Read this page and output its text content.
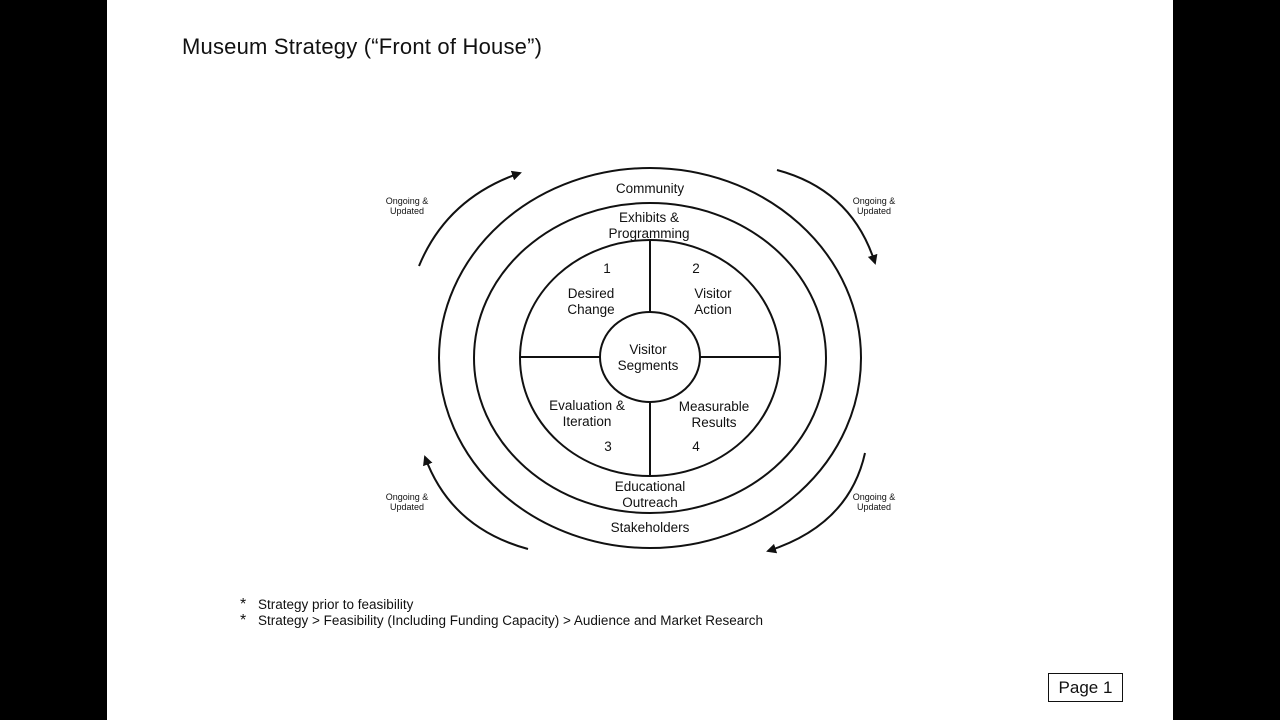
Museum Strategy (“Front of House”)
Community
Stakeholders
Exhibits &
Programming
Educational
Outreach
Visitor
Segments
1
Desired
Change
2
Visitor
Action
Evaluation &
Iteration
3
Measurable
Results
4
Ongoing &
Updated
Ongoing &
Updated
Ongoing &
Updated
Ongoing &
Updated
* Strategy prior to feasibility
* Strategy > Feasibility (Including Funding Capacity) > Audience and Market Research
Page 1
